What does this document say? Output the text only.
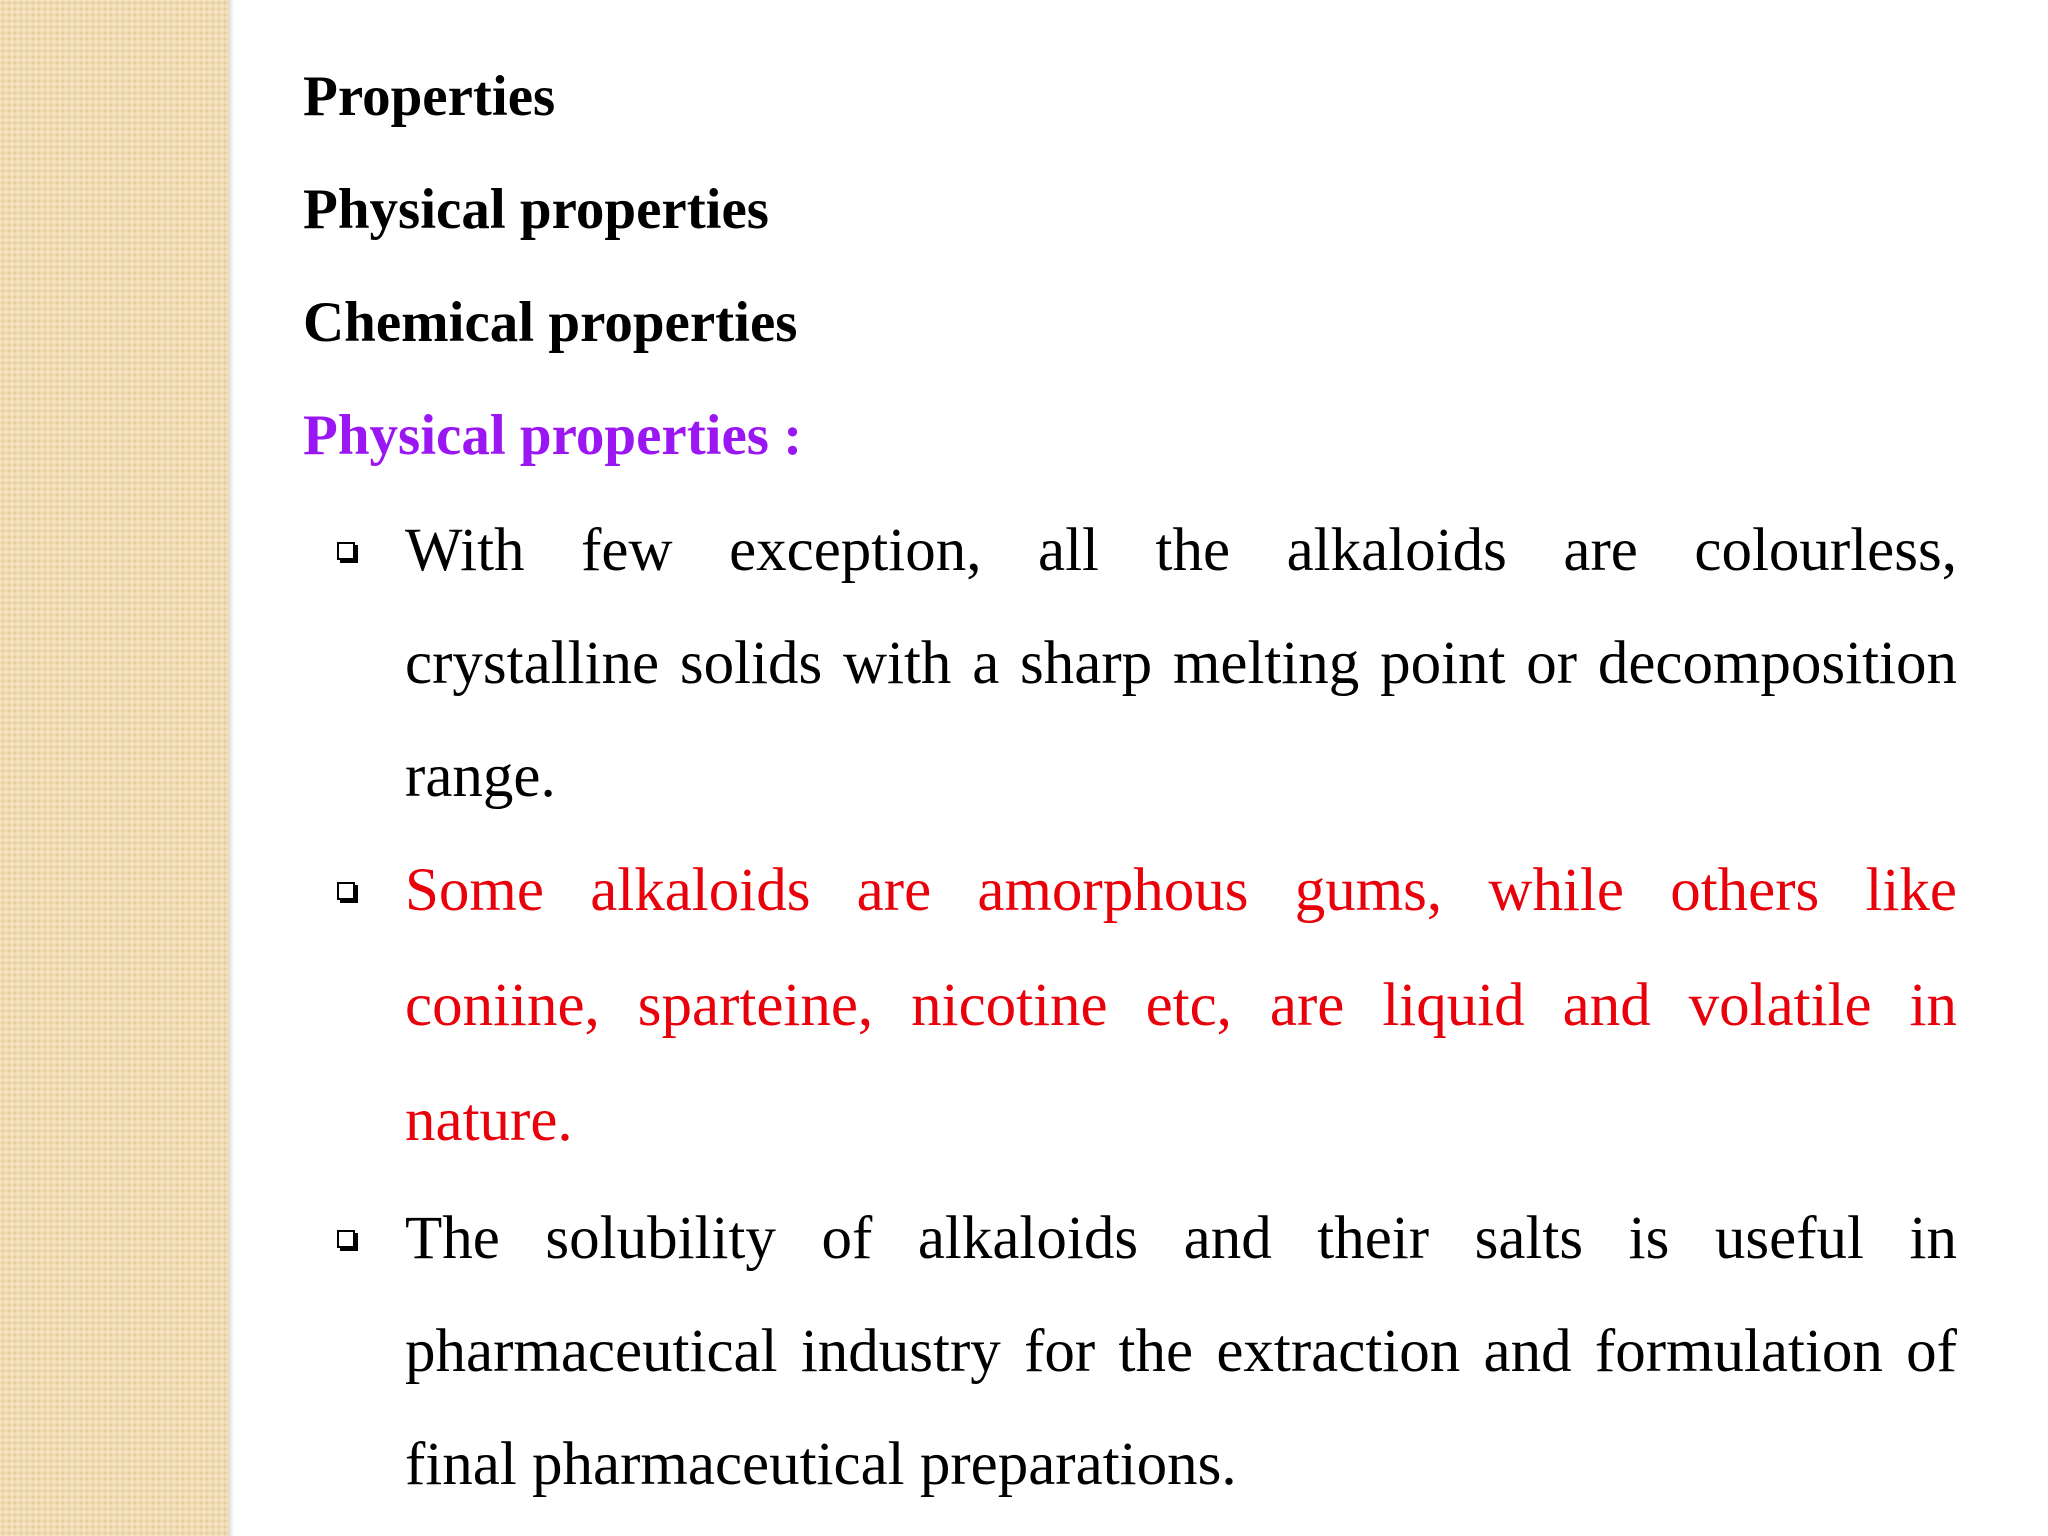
Properties
Physical properties
Chemical properties
Physical properties :

With few exception, all the alkaloids are colourless,

crystalline solids with a sharp melting point or decomposition

range.

Some alkaloids are amorphous gums, while others like

coniine, sparteine, nicotine etc, are liquid and volatile in

nature.

The solubility of alkaloids and their salts is useful in

pharmaceutical industry for the extraction and formulation of

final pharmaceutical preparations.
